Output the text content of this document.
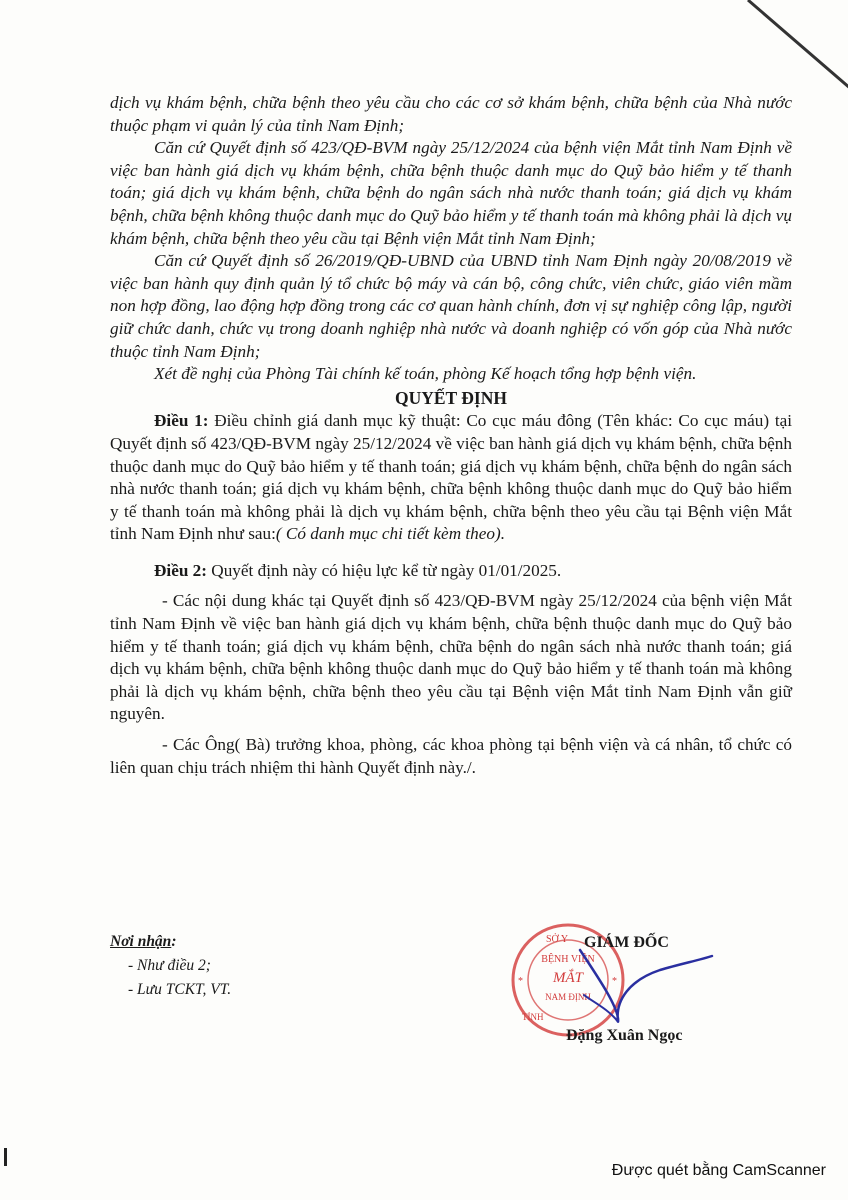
dịch vụ khám bệnh, chữa bệnh theo yêu cầu cho các cơ sở khám bệnh, chữa bệnh của Nhà nước thuộc phạm vi quản lý của tỉnh Nam Định;

Căn cứ Quyết định số 423/QĐ-BVM ngày 25/12/2024 của bệnh viện Mắt tỉnh Nam Định về việc ban hành giá dịch vụ khám bệnh, chữa bệnh thuộc danh mục do Quỹ bảo hiểm y tế thanh toán; giá dịch vụ khám bệnh, chữa bệnh do ngân sách nhà nước thanh toán; giá dịch vụ khám bệnh, chữa bệnh không thuộc danh mục do Quỹ bảo hiểm y tế thanh toán mà không phải là dịch vụ khám bệnh, chữa bệnh theo yêu cầu tại Bệnh viện Mắt tỉnh Nam Định;

Căn cứ Quyết định số 26/2019/QĐ-UBND của UBND tỉnh Nam Định ngày 20/08/2019 về việc ban hành quy định quản lý tổ chức bộ máy và cán bộ, công chức, viên chức, giáo viên mầm non hợp đồng, lao động hợp đồng trong các cơ quan hành chính, đơn vị sự nghiệp công lập, người giữ chức danh, chức vụ trong doanh nghiệp nhà nước và doanh nghiệp có vốn góp của Nhà nước thuộc tỉnh Nam Định;

Xét đề nghị của Phòng Tài chính kế toán, phòng Kế hoạch tổng hợp bệnh viện.

QUYẾT ĐỊNH

Điều 1: Điều chỉnh giá danh mục kỹ thuật: Co cục máu đông (Tên khác: Co cục máu) tại Quyết định số 423/QĐ-BVM ngày 25/12/2024 về việc ban hành giá dịch vụ khám bệnh, chữa bệnh thuộc danh mục do Quỹ bảo hiểm y tế thanh toán; giá dịch vụ khám bệnh, chữa bệnh do ngân sách nhà nước thanh toán; giá dịch vụ khám bệnh, chữa bệnh không thuộc danh mục do Quỹ bảo hiểm y tế thanh toán mà không phải là dịch vụ khám bệnh, chữa bệnh theo yêu cầu tại Bệnh viện Mắt tỉnh Nam Định như sau:( Có danh mục chi tiết kèm theo).

Điều 2: Quyết định này có hiệu lực kể từ ngày 01/01/2025.

- Các nội dung khác tại Quyết định số 423/QĐ-BVM ngày 25/12/2024 của bệnh viện Mắt tỉnh Nam Định về việc ban hành giá dịch vụ khám bệnh, chữa bệnh thuộc danh mục do Quỹ bảo hiểm y tế thanh toán; giá dịch vụ khám bệnh, chữa bệnh do ngân sách nhà nước thanh toán; giá dịch vụ khám bệnh, chữa bệnh không thuộc danh mục do Quỹ bảo hiểm y tế thanh toán mà không phải là dịch vụ khám bệnh, chữa bệnh theo yêu cầu tại Bệnh viện Mắt tỉnh Nam Định vẫn giữ nguyên.

- Các Ông( Bà) trưởng khoa, phòng, các khoa phòng tại bệnh viện và cá nhân, tổ chức có liên quan chịu trách nhiệm thi hành Quyết định này./.

Nơi nhận:
- Như điều 2;
- Lưu TCKT, VT.
SỞ Y
BỆNH VIỆN
MẮT
NAM ĐỊNH
TỈNH
*	*
GIÁM ĐỐC
Đặng Xuân Ngọc
Được quét bằng CamScanner
